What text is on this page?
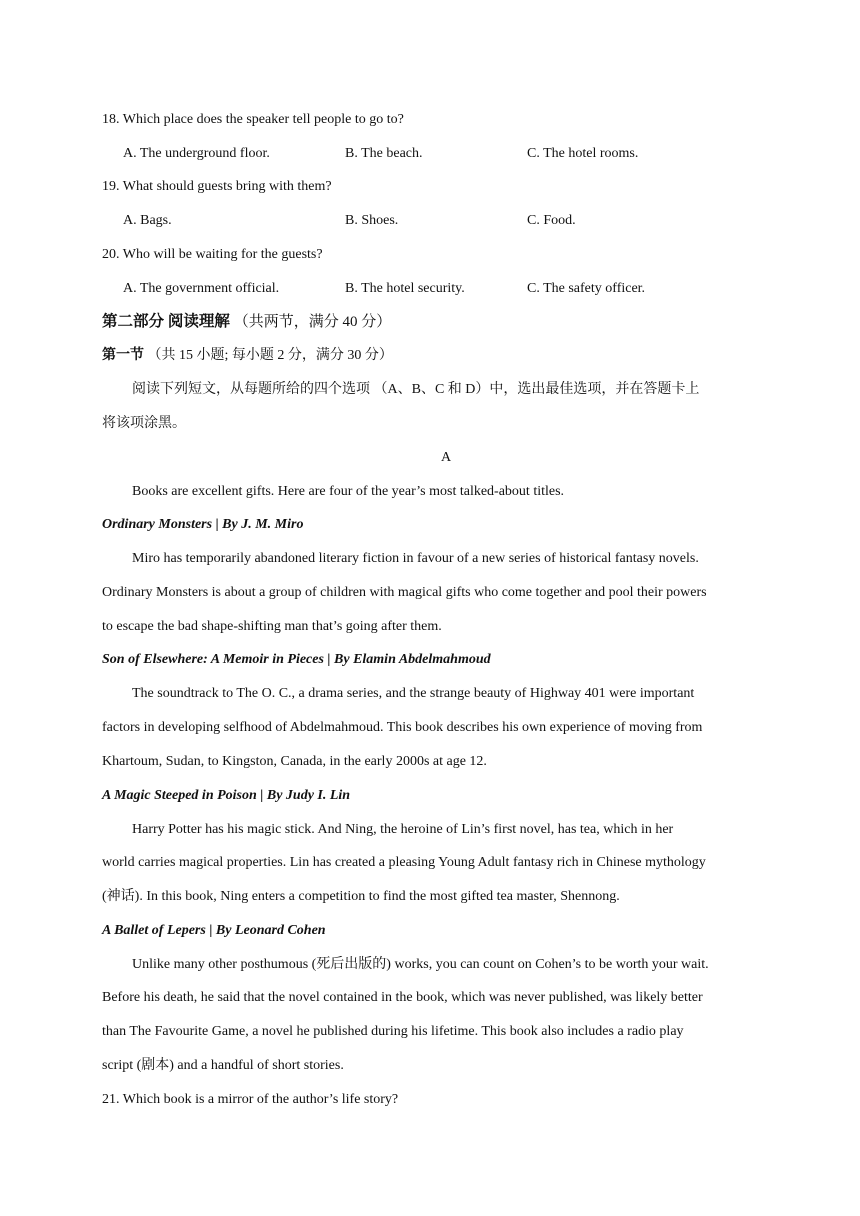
18. Which place does the speaker tell people to go to?
A. The underground floor.	B. The beach.	C. The hotel rooms.
19. What should guests bring with them?
A. Bags.	B. Shoes.	C. Food.
20. Who will be waiting for the guests?
A. The government official.	B. The hotel security.	C. The safety officer.
第二部分 阅读理解 （共两节，满分 40 分）
第一节 （共 15 小题; 每小题 2 分，满分 30 分）
阅读下列短文，从每题所给的四个选项 （A、B、C 和 D）中，选出最佳选项，并在答题卡上
将该项涂黑。
A
Books are excellent gifts. Here are four of the year’s most talked-about titles.
Ordinary Monsters | By J. M. Miro
Miro has temporarily abandoned literary fiction in favour of a new series of historical fantasy novels.
Ordinary Monsters is about a group of children with magical gifts who come together and pool their powers
to escape the bad shape-shifting man that’s going after them.
Son of Elsewhere: A Memoir in Pieces | By Elamin Abdelmahmoud
The soundtrack to The O. C., a drama series, and the strange beauty of Highway 401 were important
factors in developing selfhood of Abdelmahmoud. This book describes his own experience of moving from
Khartoum, Sudan, to Kingston, Canada, in the early 2000s at age 12.
A Magic Steeped in Poison | By Judy I. Lin
Harry Potter has his magic stick. And Ning, the heroine of Lin’s first novel, has tea, which in her
world carries magical properties. Lin has created a pleasing Young Adult fantasy rich in Chinese mythology
(神话). In this book, Ning enters a competition to find the most gifted tea master, Shennong.
A Ballet of Lepers | By Leonard Cohen
Unlike many other posthumous (死后出版的) works, you can count on Cohen’s to be worth your wait.
Before his death, he said that the novel contained in the book, which was never published, was likely better
than The Favourite Game, a novel he published during his lifetime. This book also includes a radio play
script (剧本) and a handful of short stories.
21. Which book is a mirror of the author’s life story?
